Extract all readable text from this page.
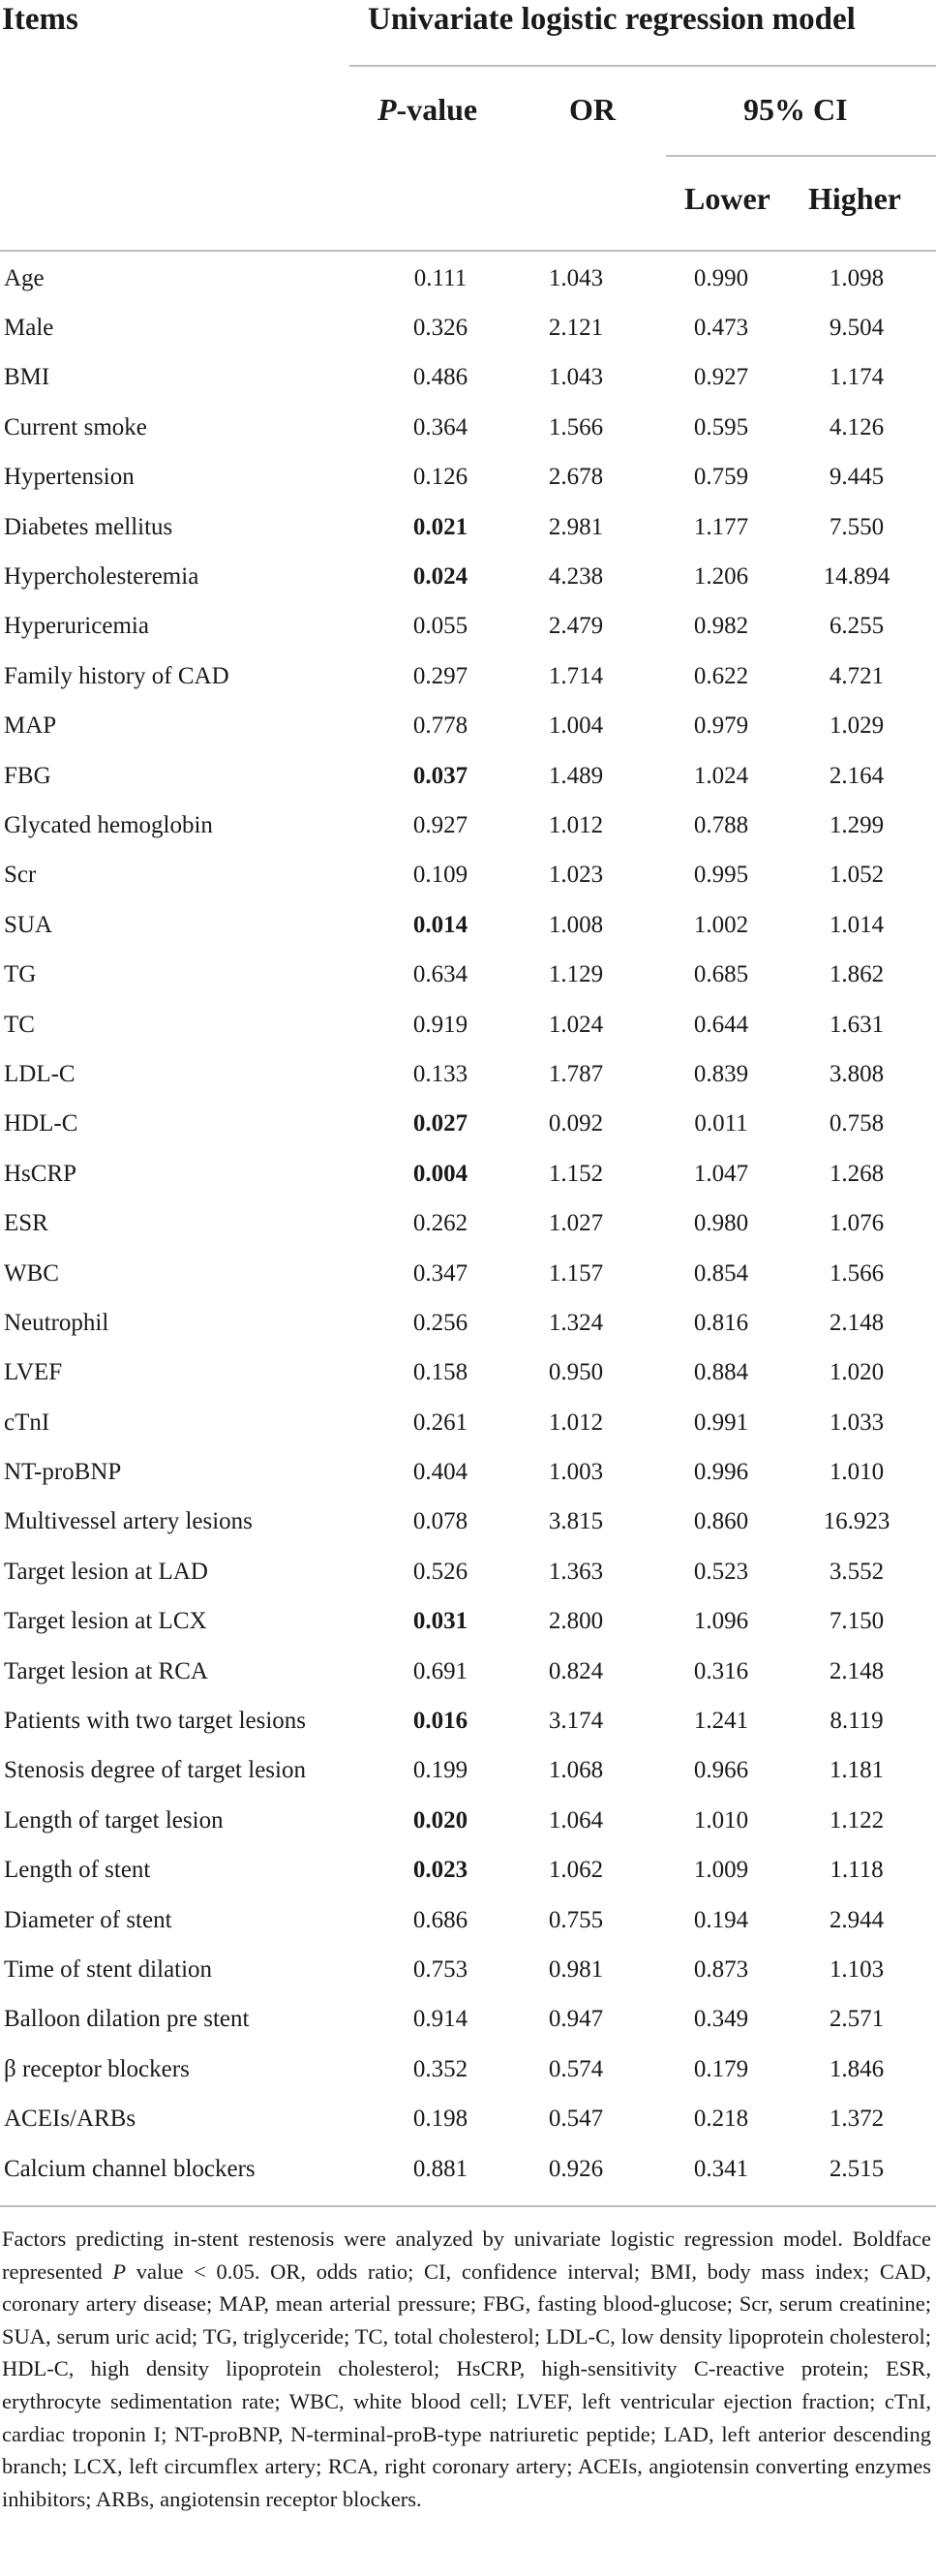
Items	Univariate logistic regression model
P-value	OR	95% CI
Lower Higher
Age	0.111	1.043	0.990	1.098
Male	0.326	2.121	0.473	9.504
BMI	0.486	1.043	0.927	1.174
Current smoke	0.364	1.566	0.595	4.126
Hypertension	0.126	2.678	0.759	9.445
Diabetes mellitus	0.021	2.981	1.177	7.550
Hypercholesteremia	0.024	4.238	1.206	14.894
Hyperuricemia	0.055	2.479	0.982	6.255
Family history of CAD	0.297	1.714	0.622	4.721
MAP	0.778	1.004	0.979	1.029
FBG	0.037	1.489	1.024	2.164
Glycated hemoglobin	0.927	1.012	0.788	1.299
Scr	0.109	1.023	0.995	1.052
SUA	0.014	1.008	1.002	1.014
TG	0.634	1.129	0.685	1.862
TC	0.919	1.024	0.644	1.631
LDL-C	0.133	1.787	0.839	3.808
HDL-C	0.027	0.092	0.011	0.758
HsCRP	0.004	1.152	1.047	1.268
ESR	0.262	1.027	0.980	1.076
WBC	0.347	1.157	0.854	1.566
Neutrophil	0.256	1.324	0.816	2.148
LVEF	0.158	0.950	0.884	1.020
cTnI	0.261	1.012	0.991	1.033
NT-proBNP	0.404	1.003	0.996	1.010
Multivessel artery lesions	0.078	3.815	0.860	16.923
Target lesion at LAD	0.526	1.363	0.523	3.552
Target lesion at LCX	0.031	2.800	1.096	7.150
Target lesion at RCA	0.691	0.824	0.316	2.148
Patients with two target lesions	0.016	3.174	1.241	8.119
Stenosis degree of target lesion	0.199	1.068	0.966	1.181
Length of target lesion	0.020	1.064	1.010	1.122
Length of stent	0.023	1.062	1.009	1.118
Diameter of stent	0.686	0.755	0.194	2.944
Time of stent dilation	0.753	0.981	0.873	1.103
Balloon dilation pre stent	0.914	0.947	0.349	2.571
β receptor blockers	0.352	0.574	0.179	1.846
ACEIs/ARBs	0.198	0.547	0.218	1.372
Calcium channel blockers	0.881	0.926	0.341	2.515
Factors predicting in-stent restenosis were analyzed by univariate logistic regression model. Boldface represented P value < 0.05. OR, odds ratio; CI, confidence interval; BMI, body mass index; CAD, coronary artery disease; MAP, mean arterial pressure; FBG, fasting blood-glucose; Scr, serum creatinine; SUA, serum uric acid; TG, triglyceride; TC, total cholesterol; LDL-C, low density lipoprotein cholesterol; HDL-C, high density lipoprotein cholesterol; HsCRP, high-sensitivity C-reactive protein; ESR, erythrocyte sedimentation rate; WBC, white blood cell; LVEF, left ventricular ejection fraction; cTnI, cardiac troponin I; NT-proBNP, N-terminal-proB-type natriuretic peptide; LAD, left anterior descending branch; LCX, left circumflex artery; RCA, right coronary artery; ACEIs, angiotensin converting enzymes inhibitors; ARBs, angiotensin receptor blockers.
